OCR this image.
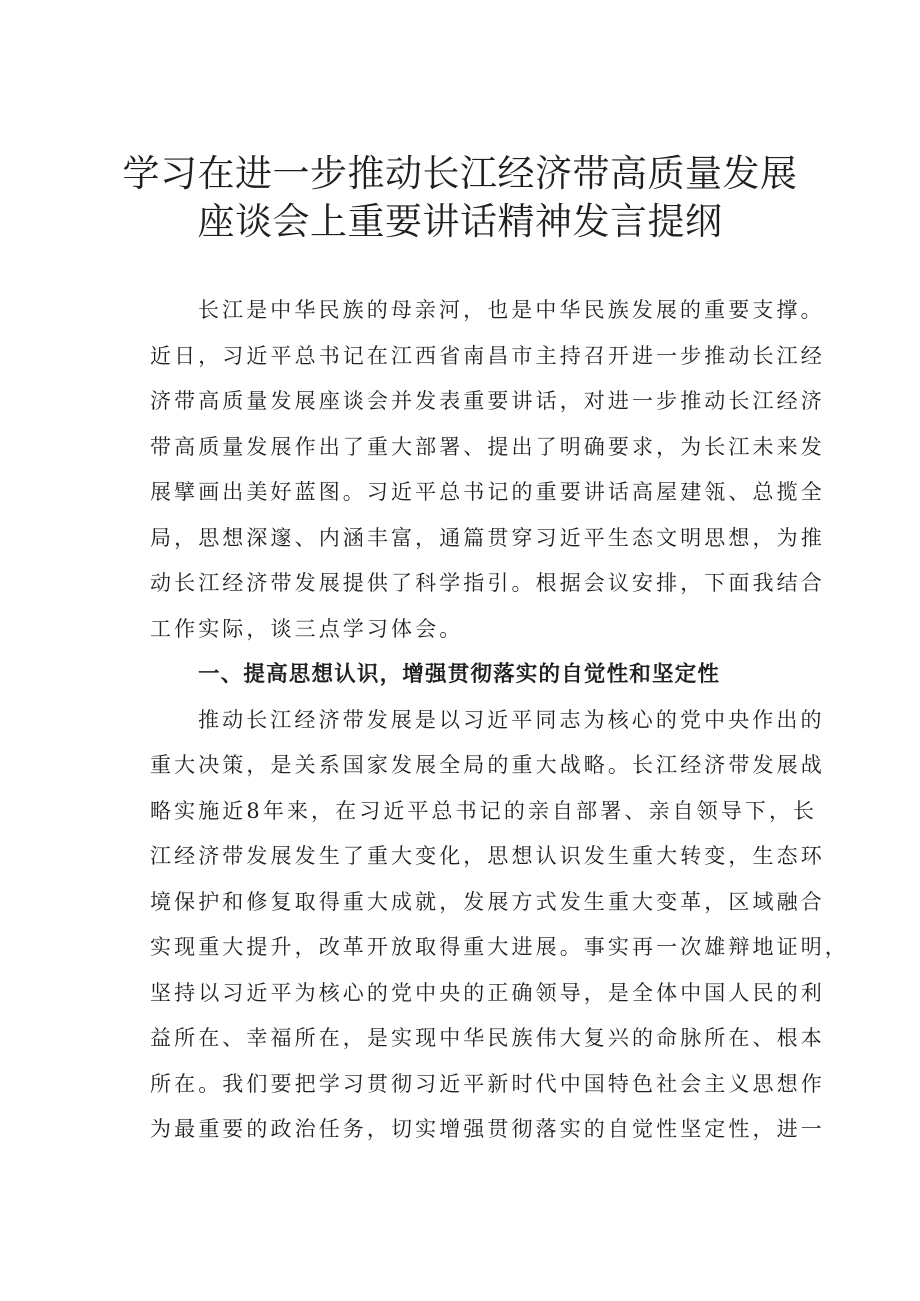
学习在进一步推动长江经济带高质量发展
座谈会上重要讲话精神发言提纲
长江是中华民族的母亲河，也是中华民族发展的重要支撑。
近日，习近平总书记在江西省南昌市主持召开进一步推动长江经
济带高质量发展座谈会并发表重要讲话，对进一步推动长江经济
带高质量发展作出了重大部署、提出了明确要求，为长江未来发
展擘画出美好蓝图。习近平总书记的重要讲话高屋建瓴、总揽全
局，思想深邃、内涵丰富，通篇贯穿习近平生态文明思想，为推
动长江经济带发展提供了科学指引。根据会议安排，下面我结合
工作实际，谈三点学习体会。
一、提高思想认识，增强贯彻落实的自觉性和坚定性
推动长江经济带发展是以习近平同志为核心的党中央作出的
重大决策，是关系国家发展全局的重大战略。长江经济带发展战
略实施近8年来，在习近平总书记的亲自部署、亲自领导下，长
江经济带发展发生了重大变化，思想认识发生重大转变，生态环
境保护和修复取得重大成就，发展方式发生重大变革，区域融合
实现重大提升，改革开放取得重大进展。事实再一次雄辩地证明，
坚持以习近平为核心的党中央的正确领导，是全体中国人民的利
益所在、幸福所在，是实现中华民族伟大复兴的命脉所在、根本
所在。我们要把学习贯彻习近平新时代中国特色社会主义思想作
为最重要的政治任务，切实增强贯彻落实的自觉性坚定性，进一
